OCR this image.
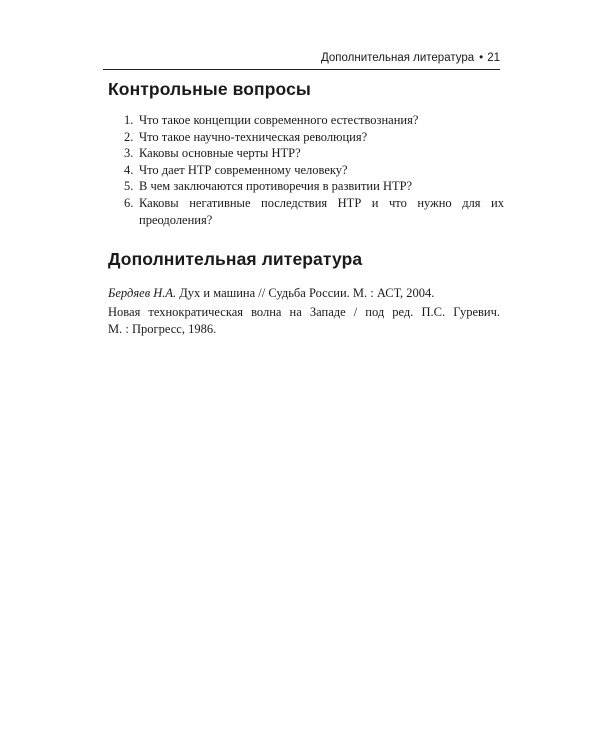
Дополнительная литература • 21
Контрольные вопросы
1. Что такое концепции современного естествознания?
2. Что такое научно-техническая революция?
3. Каковы основные черты НТР?
4. Что дает НТР современному человеку?
5. В чем заключаются противоречия в развитии НТР?
6. Каковы негативные последствия НТР и что нужно для их преодоления?
Дополнительная литература

Бердяев Н.А. Дух и машина // Судьба России. М. : АСТ, 2004.

Новая технократическая волна на Западе / под ред. П.С. Гуревич.
М. : Прогресс, 1986.
